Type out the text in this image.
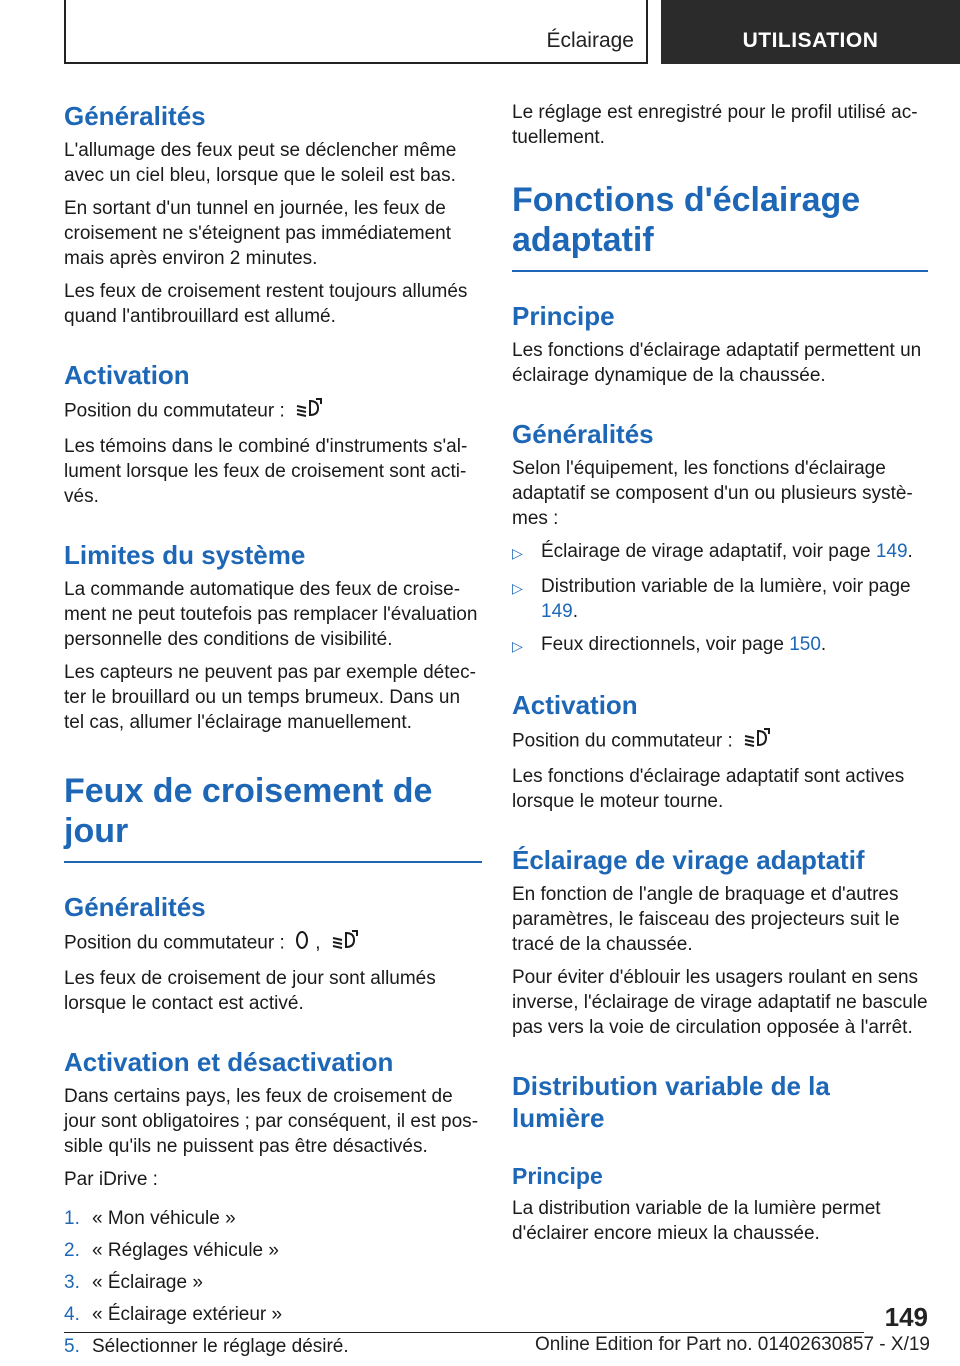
Éclairage	UTILISATION
Généralités

L'allumage des feux peut se déclencher même avec un ciel bleu, lorsque que le soleil est bas.

En sortant d'un tunnel en journée, les feux de croisement ne s'éteignent pas immédiatement mais après environ 2 minutes.

Les feux de croisement restent toujours allumés quand l'antibrouillard est allumé.

Activation

Position du commutateur :

Les témoins dans le combiné d'instruments s'allument lorsque les feux de croisement sont activés.

Limites du système

La commande automatique des feux de croisement ne peut toutefois pas remplacer l'évaluation personnelle des conditions de visibilité.

Les capteurs ne peuvent pas par exemple détecter le brouillard ou un temps brumeux. Dans un tel cas, allumer l'éclairage manuellement.

Feux de croisement de jour
Généralités

Position du commutateur : ,

Les feux de croisement de jour sont allumés lorsque le contact est activé.

Activation et désactivation

Dans certains pays, les feux de croisement de jour sont obligatoires ; par conséquent, il est possible qu'ils ne puissent pas être désactivés.

Par iDrive :

1. « Mon véhicule »
2. « Réglages véhicule »
3. « Éclairage »
4. « Éclairage extérieur »
5. Sélectionner le réglage désiré.

Le réglage est enregistré pour le profil utilisé actuellement.

Fonctions d'éclairage adaptatif
Principe

Les fonctions d'éclairage adaptatif permettent un éclairage dynamique de la chaussée.

Généralités

Selon l'équipement, les fonctions d'éclairage adaptatif se composent d'un ou plusieurs systèmes :

▷ Éclairage de virage adaptatif, voir page 149.
▷ Distribution variable de la lumière, voir page 149.
▷ Feux directionnels, voir page 150.
Activation

Position du commutateur :

Les fonctions d'éclairage adaptatif sont actives lorsque le moteur tourne.

Éclairage de virage adaptatif

En fonction de l'angle de braquage et d'autres paramètres, le faisceau des projecteurs suit le tracé de la chaussée.

Pour éviter d'éblouir les usagers roulant en sens inverse, l'éclairage de virage adaptatif ne bascule pas vers la voie de circulation opposée à l'arrêt.

Distribution variable de la lumière
Principe

La distribution variable de la lumière permet d'éclairer encore mieux la chaussée.

149
Online Edition for Part no. 01402630857 - X/19
